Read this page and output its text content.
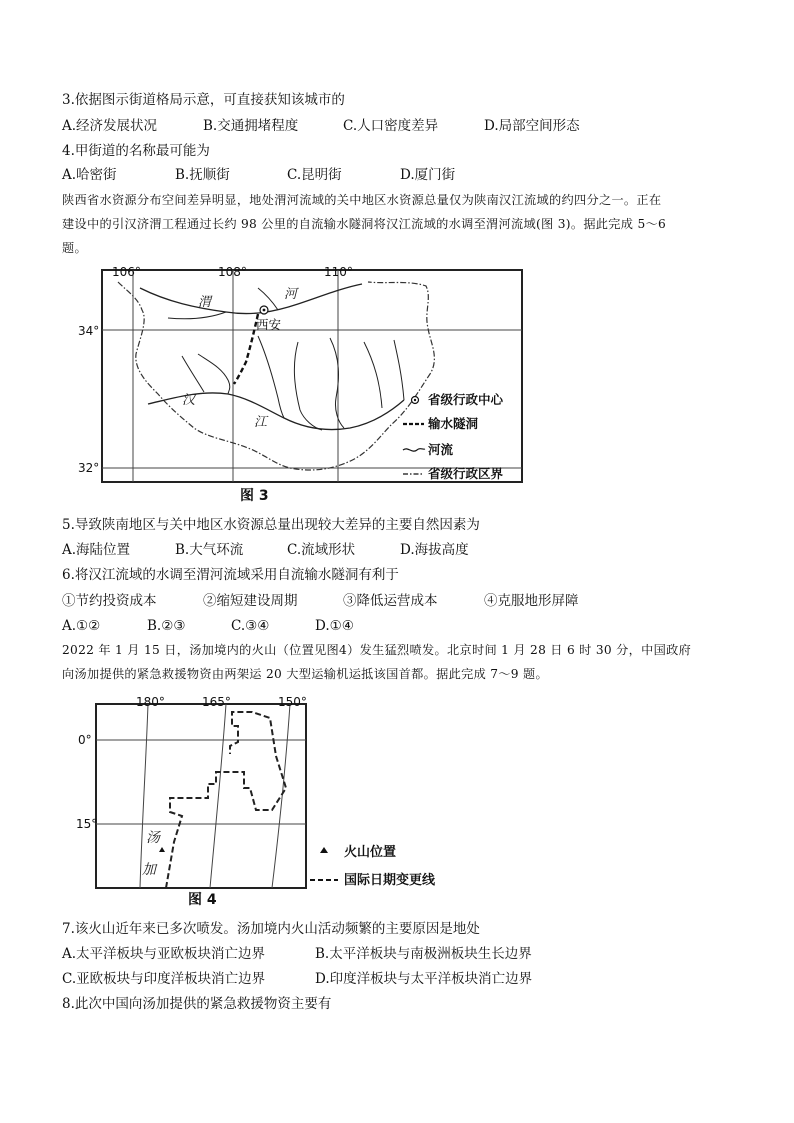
3.依据图示街道格局示意，可直接获知该城市的
A.经济发展状况	B.交通拥堵程度	C.人口密度差异	D.局部空间形态
4.甲街道的名称最可能为
A.哈密街	B.抚顺街	C.昆明街	D.厦门街
陕西省水资源分布空间差异明显，地处渭河流域的关中地区水资源总量仅为陕南汉江流域的约四分之一。正在
建设中的引汉济渭工程通过长约 98 公里的自流输水隧洞将汉江流域的水调至渭河流域(图 3)。据此完成 5～6
题。
西安
渭
河
汉
江
106°	108°	110°
34°
32°
省级行政中心
输水隧洞
河流
省级行政区界
图 3
5.导致陕南地区与关中地区水资源总量出现较大差异的主要自然因素为
A.海陆位置	B.大气环流	C.流域形状	D.海拔高度
6.将汉江流域的水调至渭河流域采用自流输水隧洞有利于
①节约投资成本	②缩短建设周期	③降低运营成本	④克服地形屏障
A.①②	B.②③	C.③④	D.①④
2022 年 1 月 15 日，汤加境内的火山（位置见图4）发生猛烈喷发。北京时间 1 月 28 日 6 时 30 分，中国政府
向汤加提供的紧急救援物资由两架运 20 大型运输机运抵该国首都。据此完成 7～9 题。
汤
加
180°	165°	150°
0°
15°
火山位置
国际日期变更线
图 4
7.该火山近年来已多次喷发。汤加境内火山活动频繁的主要原因是地处
A.太平洋板块与亚欧板块消亡边界	B.太平洋板块与南极洲板块生长边界
C.亚欧板块与印度洋板块消亡边界	D.印度洋板块与太平洋板块消亡边界
8.此次中国向汤加提供的紧急救援物资主要有
